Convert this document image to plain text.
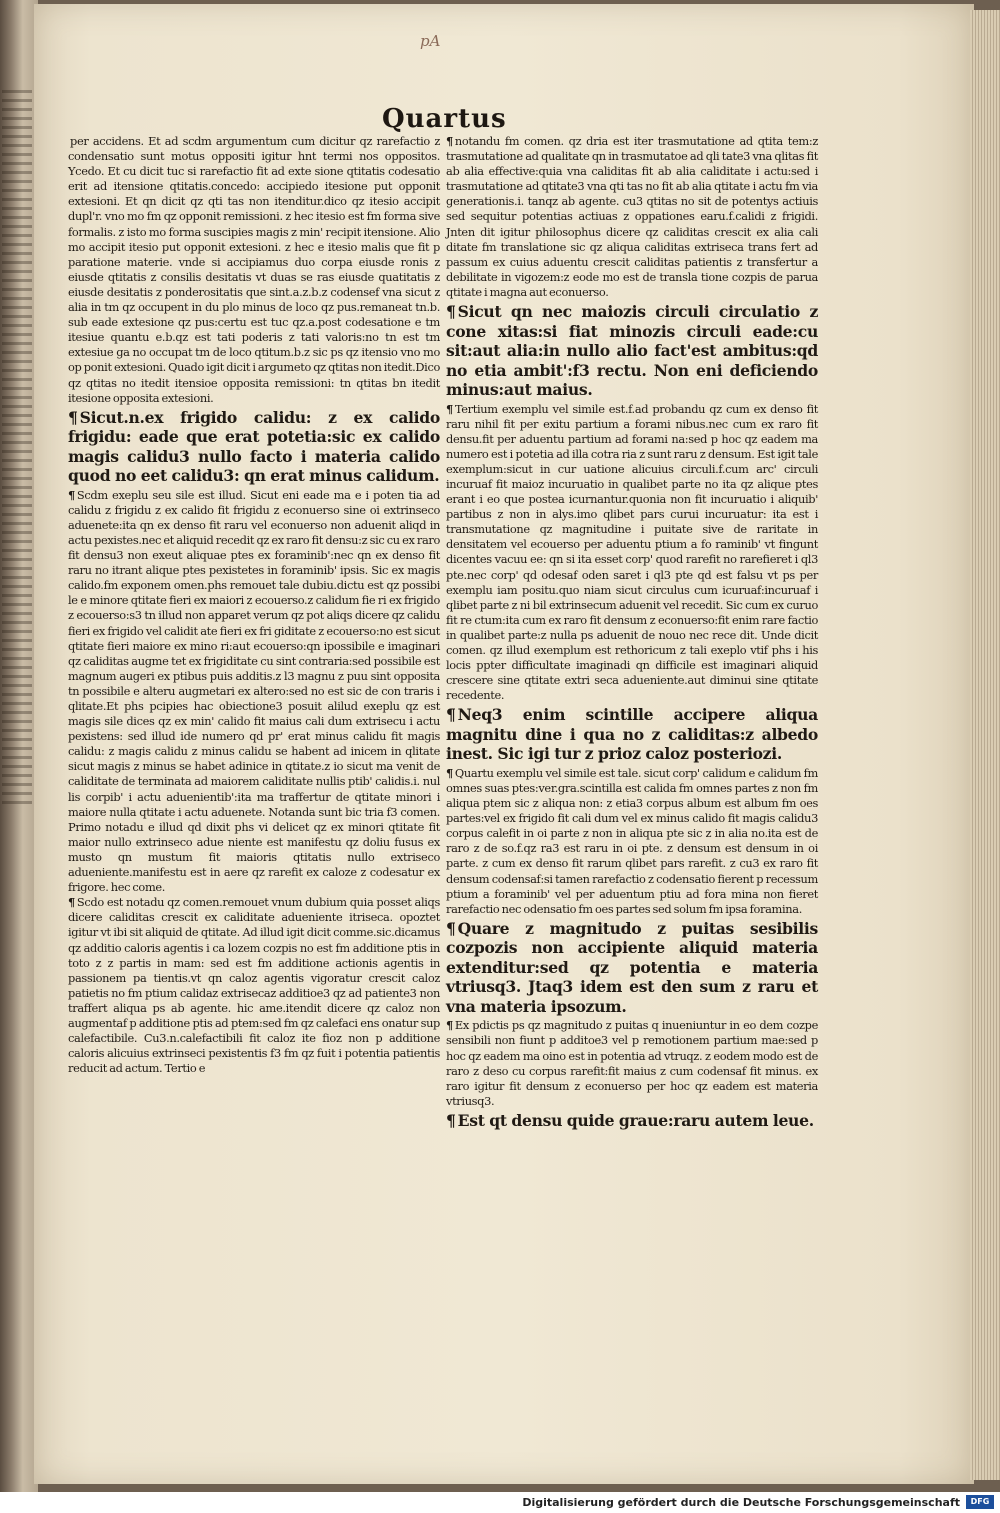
pA
Quartus

per accidens. Et ad scdm argumentum cum dicitur qz rarefactio z condensatio sunt motus oppositi igitur hnt termi nos oppositos. Ycedo. Et cu dicit tuc si rarefactio fit ad exte sione qtitatis codesatio erit ad itensione qtitatis.concedo: accipiedo itesione put opponit extesioni. Et qn dicit qz qti tas non itenditur.dico qz itesio accipit dupl'r. vno mo fm qz opponit remissioni. z hec itesio est fm forma sive formalis. z isto mo forma suscipies magis z min' recipit itensione. Alio mo accipit itesio put opponit extesioni. z hec e itesio malis que fit p paratione materie. vnde si accipiamus duo corpa eiusde ronis z eiusde qtitatis z consilis desitatis vt duas se ras eiusde quatitatis z eiusde desitatis z ponderositatis que sint.a.z.b.z codensef vna sicut z alia in tm qz occupent in du plo minus de loco qz pus.remaneat tn.b. sub eade extesione qz pus:certu est tuc qz.a.post codesatione e tm itesiue quantu e.b.qz est tati poderis z tati valoris:no tn est tm extesiue ga no occupat tm de loco qtitum.b.z sic ps qz itensio vno mo op ponit extesioni. Quado igit dicit i argumeto qz qtitas non itedit.Dico qz qtitas no itedit itensioe opposita remissioni: tn qtitas bn itedit itesione opposita extesioni.

¶ Sicut.n.ex frigido calidu: z ex calido frigidu: eade que erat potetia:sic ex calido magis calidu3 nullo facto i materia calido quod no eet calidu3: qn erat minus calidum.

¶ Scdm exeplu seu sile est illud. Sicut eni eade ma e i poten tia ad calidu z frigidu z ex calido fit frigidu z econuerso sine oi extrinseco aduenete:ita qn ex denso fit raru vel econuerso non aduenit aliqd in actu pexistes.nec et aliquid recedit qz ex raro fit densu:z sic cu ex raro fit densu3 non exeut aliquae ptes ex foraminib':nec qn ex denso fit raru no itrant alique ptes pexistetes in foraminib' ipsis. Sic ex magis calido.fm exponem omen.phs remouet tale dubiu.dictu est qz possibi le e minore qtitate fieri ex maiori z ecouerso.z calidum fie ri ex frigido z ecouerso:s3 tn illud non apparet verum qz pot aliqs dicere qz calidu fieri ex frigido vel calidit ate fieri ex fri giditate z ecouerso:no est sicut qtitate fieri maiore ex mino ri:aut ecouerso:qn ipossibile e imaginari qz caliditas augme tet ex frigiditate cu sint contraria:sed possibile est magnum augeri ex ptibus puis additis.z l3 magnu z puu sint opposita tn possibile e alteru augmetari ex altero:sed no est sic de con traris i qlitate.Et phs pcipies hac obiectione3 posuit alilud exeplu qz est magis sile dices qz ex min' calido fit maius cali dum extrisecu i actu pexistens: sed illud ide numero qd pr' erat minus calidu fit magis calidu: z magis calidu z minus calidu se habent ad inicem in qlitate sicut magis z minus se habet adinice in qtitate.z io sicut ma venit de caliditate de terminata ad maiorem caliditate nullis ptib' calidis.i. nul lis corpib' i actu aduenientib':ita ma traffertur de qtitate minori i maiore nulla qtitate i actu aduenete. Notanda sunt bic tria f3 comen. Primo notadu e illud qd dixit phs vi delicet qz ex minori qtitate fit maior nullo extrinseco adue niente est manifestu qz doliu fusus ex musto qn mustum fit maioris qtitatis nullo extriseco adueniente.manifestu est in aere qz rarefit ex caloze z codesatur ex frigore. hec come.

¶ Scdo est notadu qz comen.remouet vnum dubium quia posset aliqs dicere caliditas crescit ex caliditate adueniente itriseca. opoztet igitur vt ibi sit aliquid de qtitate. Ad illud igit dicit comme.sic.dicamus qz additio caloris agentis i ca lozem cozpis no est fm additione ptis in toto z z partis in mam: sed est fm additione actionis agentis in passionem pa tientis.vt qn caloz agentis vigoratur crescit caloz patietis no fm ptium calidaz extrisecaz additioe3 qz ad patiente3 non traffert aliqua ps ab agente. hic ame.itendit dicere qz caloz non augmentaf p additione ptis ad ptem:sed fm qz calefaci ens onatur sup calefactibile. Cu3.n.calefactibili fit caloz ite fioz non p additione caloris alicuius extrinseci pexistentis f3 fm qz fuit i potentia patientis reducit ad actum. Tertio e

¶ notandu fm comen. qz dria est iter trasmutatione ad qtita tem:z trasmutatione ad qualitate qn in trasmutatoe ad qli tate3 vna qlitas fit ab alia effective:quia vna caliditas fit ab alia caliditate i actu:sed i trasmutatione ad qtitate3 vna qti tas no fit ab alia qtitate i actu fm via generationis.i. tanqz ab agente. cu3 qtitas no sit de potentys actiuis sed sequitur potentias actiuas z oppationes earu.f.calidi z frigidi. Jnten dit igitur philosophus dicere qz caliditas crescit ex alia cali ditate fm translatione sic qz aliqua caliditas extriseca trans fert ad passum ex cuius aduentu crescit caliditas patientis z transfertur a debilitate in vigozem:z eode mo est de transla tione cozpis de parua qtitate i magna aut econuerso.

¶ Sicut qn nec maiozis circuli circulatio z cone xitas:si fiat minozis circuli eade:cu sit:aut alia:in nullo alio fact'est ambitus:qd no etia ambit':f3 rectu. Non eni deficiendo minus:aut maius.

¶ Tertium exemplu vel simile est.f.ad probandu qz cum ex denso fit raru nihil fit per exitu partium a forami nibus.nec cum ex raro fit densu.fit per aduentu partium ad forami na:sed p hoc qz eadem ma numero est i potetia ad illa cotra ria z sunt raru z densum. Est igit tale exemplum:sicut in cur uatione alicuius circuli.f.cum arc' circuli incuruaf fit maioz incuruatio in qualibet parte no ita qz alique ptes erant i eo que postea icurnantur.quonia non fit incuruatio i aliquib' partibus z non in alys.imo qlibet pars curui incuruatur: ita est i transmutatione qz magnitudine i puitate sive de raritate in densitatem vel ecouerso per aduentu ptium a fo raminib' vt fingunt dicentes vacuu ee: qn si ita esset corp' quod rarefit no rarefieret i ql3 pte.nec corp' qd odesaf oden saret i ql3 pte qd est falsu vt ps per exemplu iam positu.quo niam sicut circulus cum icuruaf:incuruaf i qlibet parte z ni bil extrinsecum aduenit vel recedit. Sic cum ex curuo fit re ctum:ita cum ex raro fit densum z econuerso:fit enim rare factio in qualibet parte:z nulla ps aduenit de nouo nec rece dit. Unde dicit comen. qz illud exemplum est rethoricum z tali exeplo vtif phs i his locis ppter difficultate imaginadi qn difficile est imaginari aliquid crescere sine qtitate extri seca adueniente.aut diminui sine qtitate recedente.

¶ Neq3 enim scintille accipere aliqua magnitu dine i qua no z caliditas:z albedo inest. Sic igi tur z prioz caloz posteriozi.

¶ Quartu exemplu vel simile est tale. sicut corp' calidum e calidum fm omnes suas ptes:ver.gra.scintilla est calida fm omnes partes z non fm aliqua ptem sic z aliqua non: z etia3 corpus album est album fm oes partes:vel ex frigido fit cali dum vel ex minus calido fit magis calidu3 corpus calefit in oi parte z non in aliqua pte sic z in alia no.ita est de raro z de so.f.qz ra3 est raru in oi pte. z densum est densum in oi parte. z cum ex denso fit rarum qlibet pars rarefit. z cu3 ex raro fit densum codensaf:si tamen rarefactio z codensatio fierent p recessum ptium a foraminib' vel per aduentum ptiu ad fora mina non fieret rarefactio nec odensatio fm oes partes sed solum fm ipsa foramina.

¶ Quare z magnitudo z puitas sesibilis cozpozis non accipiente aliquid materia extenditur:sed qz potentia e materia vtriusq3. Jtaq3 idem est den sum z raru et vna materia ipsozum.

¶ Ex pdictis ps qz magnitudo z puitas q inueniuntur in eo dem cozpe sensibili non fiunt p additoe3 vel p remotionem partium mae:sed p hoc qz eadem ma oino est in potentia ad vtruqz. z eodem modo est de raro z deso cu corpus rarefit:fit maius z cum codensaf fit minus. ex raro igitur fit densum z econuerso per hoc qz eadem est materia vtriusq3.

¶ Est qt densu quide graue:raru autem leue.

Digitalisierung gefördert durch die Deutsche Forschungsgemeinschaft	DFG
